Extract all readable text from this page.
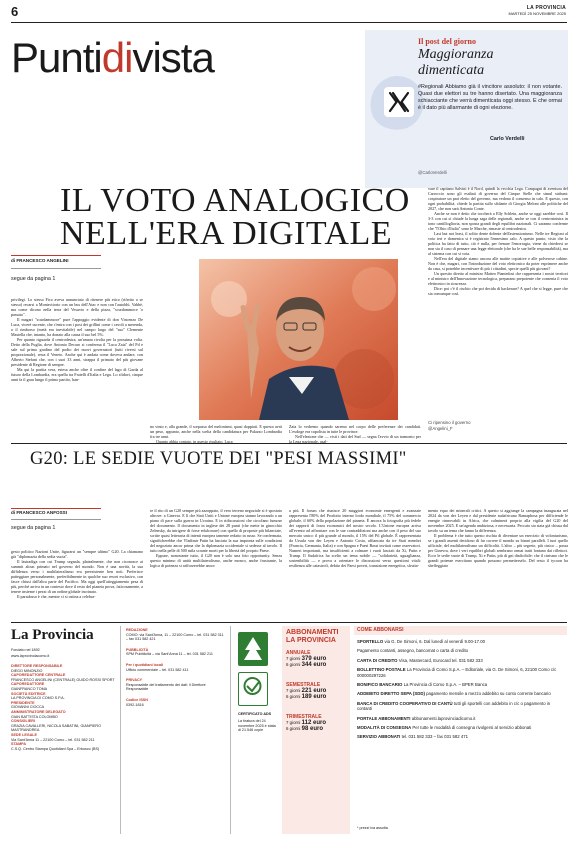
6	LA PROVINCIA
MARTEDÌ 25 NOVEMBRE 2025
Puntidivista	Il post del giorno
Maggioranza
dimenticata
#Regionali Abbiamo già il vincitore assoluto: il non votante. Quasi due elettori su tre hanno disertato. Una maggioranza schiacciante che verrà dimenticata oggi stesso. E che ormai è il dato più allarmante di ogni elezione.
Carlo Verdelli
@CarloVerdelli
IL VOTO ANALOGICO
NELL'ERA DIGITALE
di FRANCESCO ANGELINI
segue da pagina 1

privilegi. Lo stesso Fico aveva annunciato di ritenere più etico (riferito a se stesso) recarsi a Montecitorio con un bus dell'Atac e non con l'autoblù. Vabbè, ma come dicono nella terra del Vesuvio e della pizza, "scurdammoce 'o passato".

Il magari "scurdammoce" pure l'appoggio evidente di don Vincenzo De Luca, vicerè uscente, che c'entra con i post dei grillini come i cavoli a merenda, o il rimborso (metà era inevitabile) nel campo largo del "suo" Clemente Mastella che, intanto, ha donato alla causa il suo bel 5%.

Per quanto riguarda il centrodestra, un'amara rivolta per la prossima volta. Detto della Puglia, dove Antonio Decaro si conferma il "Luca Zaia" del Pd e sale sul primo gradino del podio dei nuovi governatori (tutti riversi sul proporzionale), resta il Veneto. Anche qui è andata come doveva andare, con Alberto Stefani che, con i suoi 33 anni, strappa il primato del più giovane presidente di Regione di sempre.

Ma qui la partita vera, estesa anche oltre il confine del lago di Garda al futuro della Lombardia, era quella tra Fratelli d'Italia e Lega. Lo sfidavi, cinque anni fa il grau lungo il primo partito, han-

no vinto e, alla grande, il sorpasso del melonismi, quasi doppiati. E questo avrà un peso, appunto, anche nella scelta della candidatura per Palazzo Lombardia fra tre anni.

Quanto abbia contato, in questo risultato, Luca

Zaia lo vedremo quando saremo nel corpo delle preferenze dei candidati. L'exdoge era capolista in tutte le province.

Nell'elezione che — visti i dati del Sud — segna l'avvio di un tramonto per la Lega nazionale, asal-

vare il capitano Salvini è il Nord, quindi la vecchia Lega. Compagni di aventura del Carroccio sono gli esaltati di governo del Cinque Stelle che simul stabunt: cospiratore un pari eletto del governo, ma vedono il consenso in calo. E questo, con ogni probabilità, chiede la partita sullo sfidante di Giorgia Meloni alle politiche del 2027, che non sarà Antonio Conte.

Anche se non è detto che toccherà a Elly Schlein, anche se oggi sarebbe così. Il 3-3 con cui si chiude la lunga saga delle regionali, anche se con il centrosinistra in tono cantilloglioria, non sposta grandi degli equilibri nazionali. Ci saranno conferme che "l'Ohio d'Italia" sono le Marche, rimaste al centrodestra.

Last but not least, il solito dente dolente dell'astensionismo. Nelle tre Regioni al voto ieri e domenica si è registrato l'ennesimo calo. A questo punto, visto che la politica ha fatto di tutto, ciò è nulla, per frenare l'emorragia, viene da chiedersi se non sia il caso di pensare una legge elettorale (che ha le sue belle responsabilità), ma al sistema con cui si vota.

Nell'era del digitale siamo ancora alle matite copiative e alle polverose cabine. Non è che, magari, con l'introduzione del voto elettronico da poter esprimere anche da casa, si potrebbe incentivare di più i cittadini, specie quelli più giovani?

Un quesito diretto al ministro Matteo Piantedosi che rappresenta i nostri territori e al ministro dell'Innovazione tecnologica, preparano prepotente che consenta il voto elettronico in sicurezza.

Dice: poi c'è il rischio che poi decida di hackerare? A quel che si legge, pure che sia comunque così.

Ci ripensino il governo
@Angelini_F
G20: LE SEDIE VUOTE DEI "PESI MASSIMI"
di FRANCESCO ANFOSSI
segue da pagina 1

gesto politico Nazioni Unite, figurarsi un "sempre ultimo" G20. La chiamano già "diplomazia della sedia vuota".

Il lastradiga con cui Trump segnala, platealmente, che non riconosce ai summit alcun primato nel governo del mondo. Non è una novità, la sua diffidenza verso i multilateralismo era preesistente ben noti. Preferisce patteggiare personalmente, preferibilmente in qualche suo resort esclusivo, con fasce chiusi dall'altra parte del Pacifico. Ma oggi quell'atteggiamento pesa di più, perché arriva in un contesto dove il resto del pianeta prova, faticosamente, a tenere insieme i pezzi di un ordine globale incrinato.

Il paradosso è che, mentre ci si ostina a celebra-

re il rito di un G20 sempre più azzoppato, il vero terreno negoziale si è spostato altrove: a Ginevra. E lì che Stati Uniti e Unione europea stanno lavorando a un piano di pace sulla guerra in Ucraina. E in ridiscussioni che circolano fumose del documento. Il documento in inglese dei 28 punti (che mette in ginocchio Zelensky, da intrigere di forse edulcorare) con quello di proposte più bilanciate, scritte quasi letteraria di intenti europea tamente redatto in russo. Se confermata, significherebbe che Vladimir Putin ha lasciato la sua impronta sulle condizioni del negoziato ancor prima che la diplomazia occidentale si sedesse al tavolo. Il tutto nella pelle di 500 mila scranie morti per la libertà del proprio Paese.

Eppure, nonostante tutto, il G20 non è solo una foto opportunity. Senza questo minimo di unità multilateralismo, anche monco, anche frustrante, la logica di potenza si rafforzerebbe ancor

a più. Il forum che riunisce 20 maggiori economie emergenti e avanzate rappresenta l'80% del Prodotto interno lordo mondiale, il 75% del commercio globale, il 60% della popolazione del pianeta. È ancora la fotografia più fedele dei rapporti di forza economici del nostro secolo. L'Unione europea arriva all'evento ad affrontare con le sue contraddizioni ma anche con il peso del suo mercato unico: il più grande al mondo, il 15% del Pil globale. È rappresentata da Ursula von der Leyen e Antonio Costa, affiancata da tre Stati membri (Francia, Germania, Italia) e con Spagna e Paesi Bassi invitati come osservatori. Numeri importanti, ma insufficienti a colmare i vuoti lasciati da Xi, Putin e Trump. Il Sudafrica ha scelto un tema nobile — "solidarietà, uguaglianza, sostenibilità — e prova a orientare le discussioni verso questioni vitali: resilienza alle catastrofi, debito dei Paesi poveri, transizione energetica, sfrutta-

mento equo dei minerali critici. A questo si aggiunge la campagna inaugurata nel 2024 da von der Leyen e dal presidente sudafricano Ramaphosa per difficiende le energie rinnovabili in Africa, che culminerà proprio alla vigilia del G20 del novembre 2025. E un'agenda ambiziosa, e necessaria. Peccato sia stata già chiusa dal tavolo su un tema che fanno la differenza.

Il problema è che tutto questo rischia di diventare un esercizio di volontarismo, se i grandi assenti decidono di far correre il mondo su binari paralleli. I tuoi quello ufficiale, del multilateralismo un difficoltà. L'altro – più segreto, più cinico – passa per Ginevra, dove i veri equilibri globali sembrano ormai tratti lontano dai riflettori. Ecco le sedie vuote di Trump, Xi e Putin, più di gni disdicibile: che il cinismo che le grandi potenze esercitano quando possono permetterselo. Del resto il tycoon ha sbeffeggiato

La Provincia
Fondato nel 1892
www.laprovinciacomo.it
DIRETTORE RESPONSABILE
DIEGO MINONZIO
CAPOREDATTORE CENTRALE
FRANCESCO ANGELINI (CENTRALE) GUIDO ROSSI SPORT
CAPOREDATTORE
GIANFRANCO TOMA
SOCIETÀ EDITRICE
LA PROVINCIA DI COMO S.P.A.
PRESIDENTE
GIOVANNI CIOCCA
AMMINISTRATORE DELEGATO
GIAN BATTISTA COLOMBO
CONSIGLIERI
GRAZIA CAVALLERI, NICOLA SABATINI, GIANPIERO MASTRANDREA
SEDE LEGALE
Via Sant'Anna 11 – 22100 Como – tel. 031 582 211
STAMPA
C.S.Q. Centro Stampa Quotidiani Spa – Erbusco (BS)
REDAZIONE
COMO: via Sant'Anna, 11 – 22100 Como – tel. 031 582 311 – fax 031 582 421
PUBBLICITÀ
SPM Pubblicità – via Sant'Anna 11 – tel. 031 582 211
Per i quotidiani locali
Ufficio commerciale – tel. 031 582 411
PRIVACY
Responsabile del trattamento dei dati: il Direttore Responsabile
Codice ISSN
0392-1816
CERTIFICATO ADS
La tiratura del 24 novembre 2025 è stata di 21.546 copie
ABBONAMENTI LA PROVINCIA
ANNUALE
7 giorni 379 euro
6 giorni 344 euro
SEMESTRALE
7 giorni 221 euro
6 giorni 189 euro
TRIMESTRALE
7 giorni 112 euro
6 giorni 98 euro
COME ABBONARSI
SPORTELLO via G. De Simoni, 6. Dal lunedì al venerdì 9.00-17.00
Pagamento contanti, assegno, bancomat o carta di credito
CARTA DI CREDITO Visa, Mastercard, Eurocard tel. 031 582 333
BOLLETTINO POSTALE La Provincia di Como S.p.A. – Editoriale, via G. De Simoni, 6, 22100 Como c/c 000000297226
BONIFICO BANCARIO La Provincia di Como S.p.A. – BPER Banca
ADDEBITO DIRETTO SEPA (SDD) pagamento mensile a mezzo addebito su conto corrente bancario
BANCA DI CREDITO COOPERATIVO DI CANTÙ tutti gli sportelli con addebito in c/c o pagamento in contanti
PORTALE ABBONAMENTI abbonamenti.laprovinciadicomo.it
MODALITÀ DI CONSEGNA Per tutte le modalità di consegna rivolgersi al servizio abbonati
SERVIZIO ABBONATI tel. 031 582 333 – fax 031 582 471
* prezzi iva assolta
